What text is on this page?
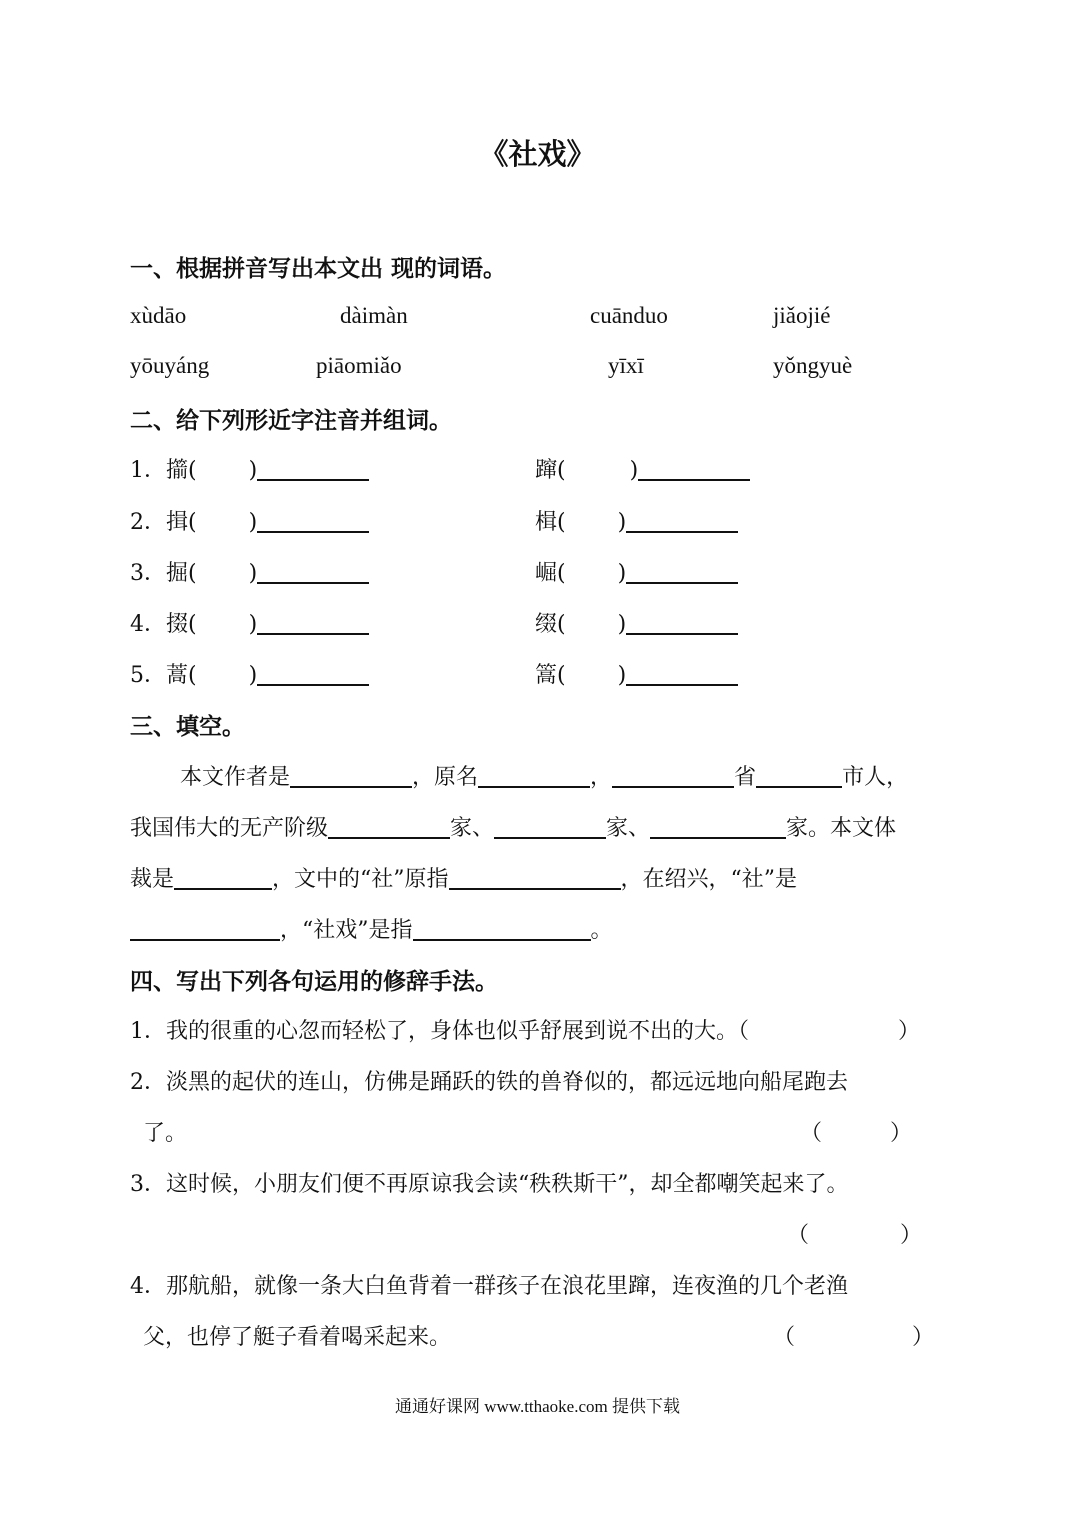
《社戏》
一、根据拼音写出本文出 现的词语。
xùdāo	dàimàn	cuānduo	jiǎojié
yōuyáng	piāomiǎo	yīxī	yǒngyuè
二、给下列形近字注音并组词。
1．擶( )	蹿(	)
2．揖( )	楫( )
3．掘( )	崛( )
4．掇( )	缀( )
5．蒿( )	篙( )
三、填空。
本文作者是	，原名	，	省	市人，
我国伟大的无产阶级	家、	家、	家。本文体
裁是	，文中的“社”原指	，在绍兴，“社”是
，“社戏”是指	。
四、写出下列各句运用的修辞手法。
1．我的很重的心忽而轻松了，身体也似乎舒展到说不出的大。（	）
2．淡黑的起伏的连山，仿佛是踊跃的铁的兽脊似的，都远远地向船尾跑去
了。	（	）
3．这时候，小朋友们便不再原谅我会读“秩秩斯干”，却全都嘲笑起来了。
（	）
4．那航船，就像一条大白鱼背着一群孩子在浪花里蹿，连夜渔的几个老渔
父，也停了艇子看着喝采起来。	（	）
通通好课网 www.tthaoke.com 提供下载
